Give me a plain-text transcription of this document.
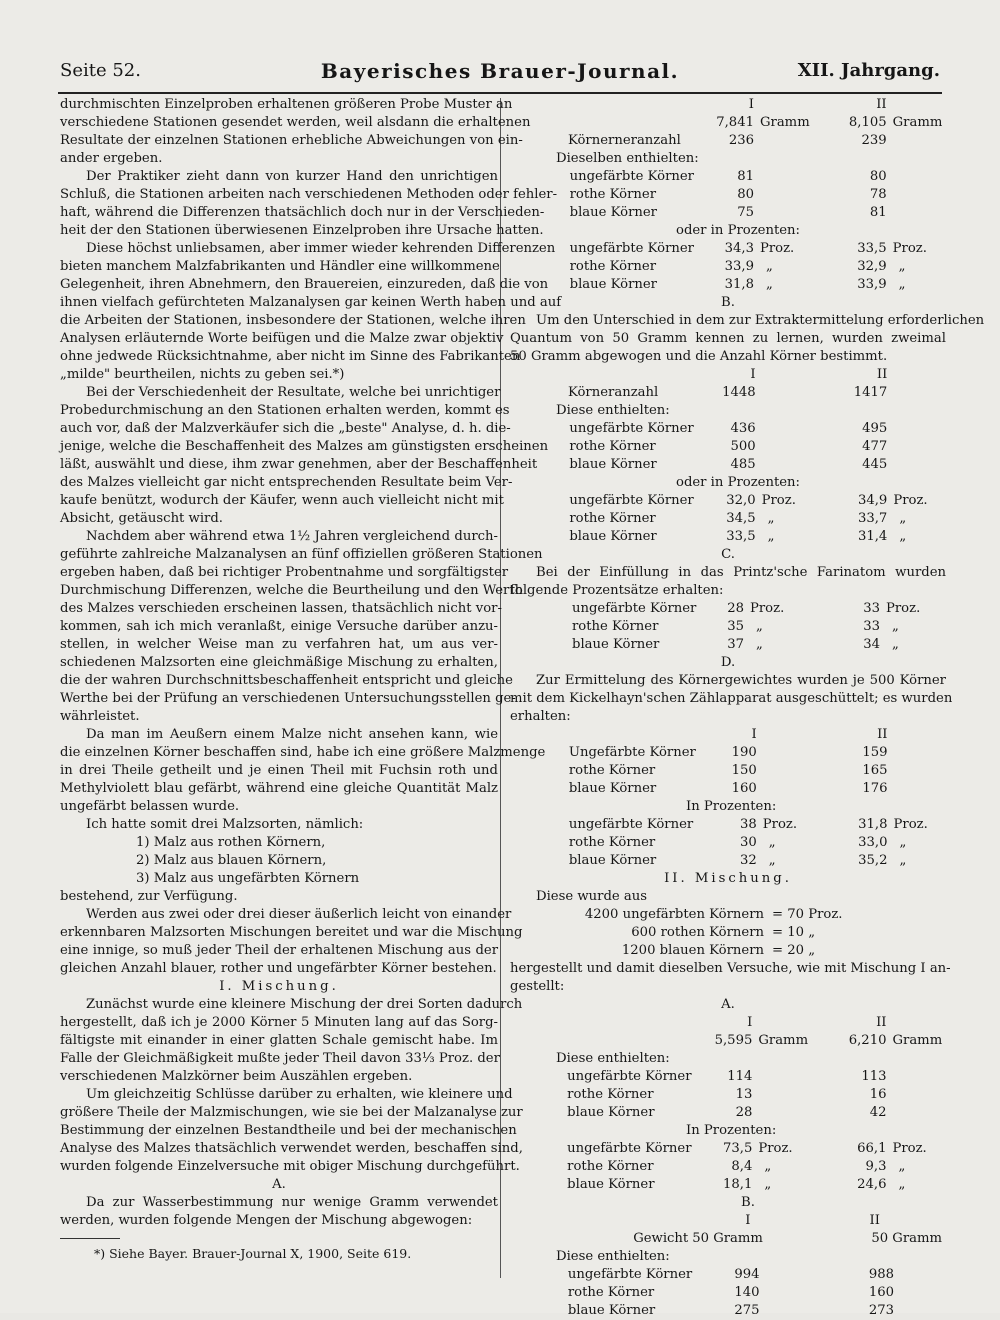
Seite 52.	Bayerisches Brauer-Journal.	XII. Jahrgang.
durchmischten Einzelproben erhaltenen größeren Probe Muster an
verschiedene Stationen gesendet werden, weil alsdann die erhaltenen
Resultate der einzelnen Stationen erhebliche Abweichungen von ein-
ander ergeben.
Der Praktiker zieht dann von kurzer Hand den unrichtigen
Schluß, die Stationen arbeiten nach verschiedenen Methoden oder fehler-
haft, während die Differenzen thatsächlich doch nur in der Verschieden-
heit der den Stationen überwiesenen Einzelproben ihre Ursache hatten.
Diese höchst unliebsamen, aber immer wieder kehrenden Differenzen
bieten manchem Malzfabrikanten und Händler eine willkommene
Gelegenheit, ihren Abnehmern, den Brauereien, einzureden, daß die von
ihnen vielfach gefürchteten Malzanalysen gar keinen Werth haben und auf
die Arbeiten der Stationen, insbesondere der Stationen, welche ihren
Analysen erläuternde Worte beifügen und die Malze zwar objektiv
ohne jedwede Rücksichtnahme, aber nicht im Sinne des Fabrikanten
„milde" beurtheilen, nichts zu geben sei.*)
Bei der Verschiedenheit der Resultate, welche bei unrichtiger
Probedurchmischung an den Stationen erhalten werden, kommt es
auch vor, daß der Malzverkäufer sich die „beste" Analyse, d. h. die-
jenige, welche die Beschaffenheit des Malzes am günstigsten erscheinen
läßt, auswählt und diese, ihm zwar genehmen, aber der Beschaffenheit
des Malzes vielleicht gar nicht entsprechenden Resultate beim Ver-
kaufe benützt, wodurch der Käufer, wenn auch vielleicht nicht mit
Absicht, getäuscht wird.
Nachdem aber während etwa 1½ Jahren vergleichend durch-
geführte zahlreiche Malzanalysen an fünf offiziellen größeren Stationen
ergeben haben, daß bei richtiger Probentnahme und sorgfältigster
Durchmischung Differenzen, welche die Beurtheilung und den Werth
des Malzes verschieden erscheinen lassen, thatsächlich nicht vor-
kommen, sah ich mich veranlaßt, einige Versuche darüber anzu-
stellen, in welcher Weise man zu verfahren hat, um aus ver-
schiedenen Malzsorten eine gleichmäßige Mischung zu erhalten,
die der wahren Durchschnittsbeschaffenheit entspricht und gleiche
Werthe bei der Prüfung an verschiedenen Untersuchungsstellen ge-
währleistet.
Da man im Aeußern einem Malze nicht ansehen kann, wie
die einzelnen Körner beschaffen sind, habe ich eine größere Malzmenge
in drei Theile getheilt und je einen Theil mit Fuchsin roth und
Methylviolett blau gefärbt, während eine gleiche Quantität Malz
ungefärbt belassen wurde.
Ich hatte somit drei Malzsorten, nämlich:
1) Malz aus rothen Körnern,
2) Malz aus blauen Körnern,
3) Malz aus ungefärbten Körnern
bestehend, zur Verfügung.
Werden aus zwei oder drei dieser äußerlich leicht von einander
erkennbaren Malzsorten Mischungen bereitet und war die Mischung
eine innige, so muß jeder Theil der erhaltenen Mischung aus der
gleichen Anzahl blauer, rother und ungefärbter Körner bestehen.
I. Mischung.
Zunächst wurde eine kleinere Mischung der drei Sorten dadurch
hergestellt, daß ich je 2000 Körner 5 Minuten lang auf das Sorg-
fältigste mit einander in einer glatten Schale gemischt habe. Im
Falle der Gleichmäßigkeit mußte jeder Theil davon 33⅓ Proz. der
verschiedenen Malzkörner beim Auszählen ergeben.
Um gleichzeitig Schlüsse darüber zu erhalten, wie kleinere und
größere Theile der Malzmischungen, wie sie bei der Malzanalyse zur
Bestimmung der einzelnen Bestandtheile und bei der mechanischen
Analyse des Malzes thatsächlich verwendet werden, beschaffen sind,
wurden folgende Einzelversuche mit obiger Mischung durchgeführt.
A.
Da zur Wasserbestimmung nur wenige Gramm verwendet
werden, wurden folgende Mengen der Mischung abgewogen:
*) Siehe Bayer. Brauer-Journal X, 1900, Seite 619.
		I		II	
		7,841	Gramm	8,105	Gramm
Körnerneranzahl		236		239	
Dieselben enthielten:					
	ungefärbte Körner	81		80	
	rothe Körner	80		78	
	blaue Körner	75		81	
oder in Prozenten:					
	ungefärbte Körner	34,3	Proz.	33,5	Proz.
	rothe Körner	33,9	„	32,9	„
	blaue Körner	31,8	„	33,9	„
B.
Um den Unterschied in dem zur Extraktermittelung erforderlichen
Quantum von 50 Gramm kennen zu lernen, wurden zweimal
50 Gramm abgewogen und die Anzahl Körner bestimmt.
		I		II	
Körneranzahl		1448		1417	
Diese enthielten:					
	ungefärbte Körner	436		495	
	rothe Körner	500		477	
	blaue Körner	485		445	
oder in Prozenten:					
	ungefärbte Körner	32,0	Proz.	34,9	Proz.
	rothe Körner	34,5	„	33,7	„
	blaue Körner	33,5	„	31,4	„
C.
Bei der Einfüllung in das Printz'sche Farinatom wurden
folgende Prozentsätze erhalten:
	ungefärbte Körner	28	Proz.	33	Proz.
	rothe Körner	35	„	33	„
	blaue Körner	37	„	34	„
D.
Zur Ermittelung des Körnergewichtes wurden je 500 Körner
mit dem Kickelhayn'schen Zählapparat ausgeschüttelt; es wurden
erhalten:
		I		II	
	Ungefärbte Körner	190		159	
	rothe Körner	150		165	
	blaue Körner	160		176	
In Prozenten:					
	ungefärbte Körner	38	Proz.	31,8	Proz.
	rothe Körner	30	„	33,0	„
	blaue Körner	32	„	35,2	„
II. Mischung.
Diese wurde aus
4200 ungefärbten Körnern	= 70 Proz.
600 rothen Körnern	= 10 „
1200 blauen Körnern	= 20 „
hergestellt und damit dieselben Versuche, wie mit Mischung I an-
gestellt:
A.
		I		II	
		5,595	Gramm	6,210	Gramm
Diese enthielten:					
	ungefärbte Körner	114		113	
	rothe Körner	13		16	
	blaue Körner	28		42	
In Prozenten:					
	ungefärbte Körner	73,5	Proz.	66,1	Proz.
	rothe Körner	8,4	„	9,3	„
	blaue Körner	18,1	„	24,6	„
B.			
		I	II
	Gewicht	50 Gramm	50 Gramm
Diese enthielten:			
	ungefärbte Körner	994	988
	rothe Körner	140	160
	blaue Körner	275	273
